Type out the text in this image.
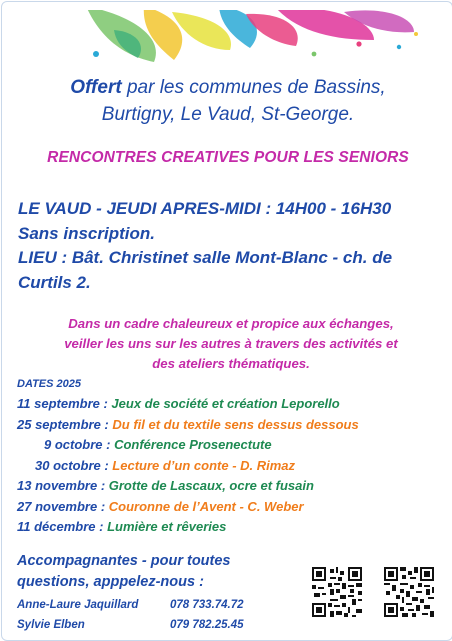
Offert par les communes de Bassins,
Burtigny, Le Vaud, St-George.
RENCONTRES CREATIVES POUR LES SENIORS
LE VAUD - JEUDI APRES-MIDI : 14H00 - 16H30
Sans inscription.
LIEU : Bât. Christinet salle Mont-Blanc - ch. de
Curtils 2.
Dans un cadre chaleureux et propice aux échanges,
veiller les uns sur les autres à travers des activités et
des ateliers thématiques.
DATES 2025
11 septembre : Jeux de société et création Leporello
25 septembre : Du fil et du textile sens dessus dessous
9 octobre : Conférence Prosenectute
30 octobre : Lecture d’un conte - D. Rimaz
13 novembre : Grotte de Lascaux, ocre et fusain
27 novembre : Couronne de l’Avent - C. Weber
11 décembre : Lumière et rêveries
Accompagnantes - pour toutes
questions, apppelez-nous :
Anne-Laure Jaquillard	078 733.74.72
Sylvie Elben	079 782.25.45
